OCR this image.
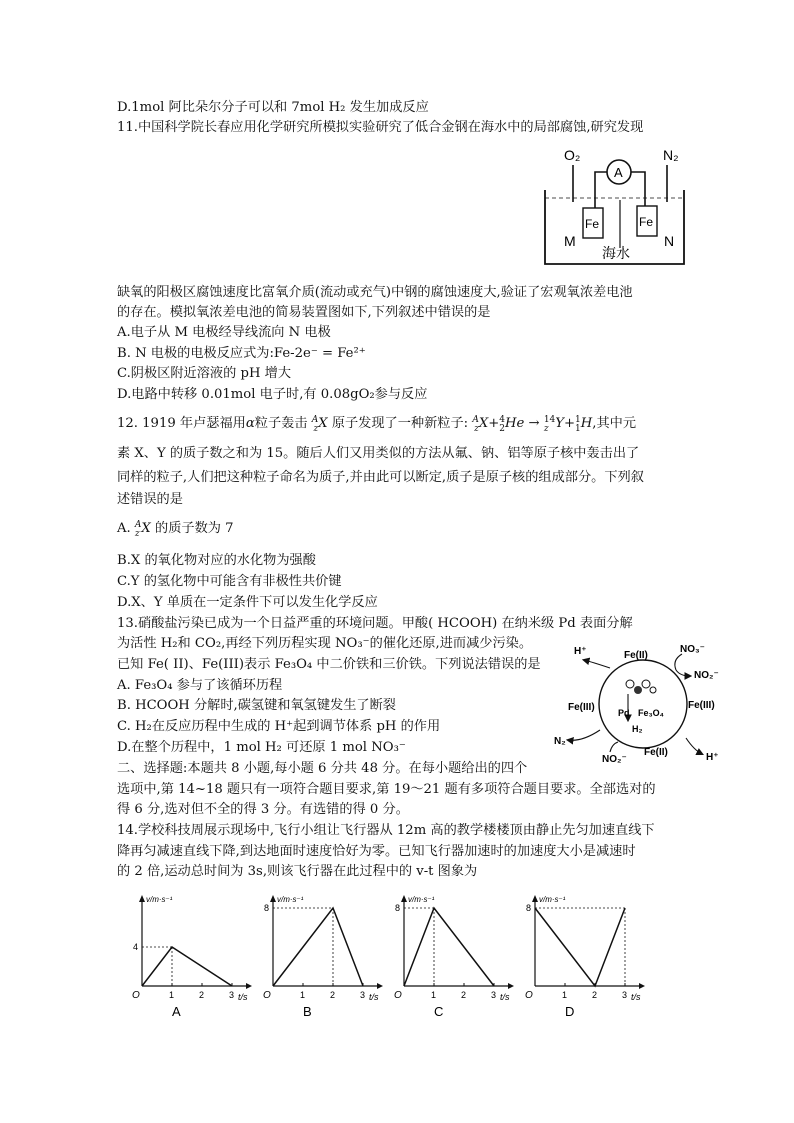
D.1mol 阿比朵尔分子可以和 7mol H₂ 发生加成反应
11.中国科学院长春应用化学研究所模拟实验研究了低合金钢在海水中的局部腐蚀,研究发现
O₂	N₂
A
Fe	Fe
M	N
海水
缺氧的阳极区腐蚀速度比富氧介质(流动或充气)中钢的腐蚀速度大,验证了宏观氧浓差电池
的存在。模拟氧浓差电池的简易装置图如下,下列叙述中错误的是
A.电子从 M 电极经导线流向 N 电极
B. N 电极的电极反应式为:Fe-2e⁻ = Fe²⁺
C.阴极区附近溶液的 pH 增大
D.电路中转移 0.01mol 电子时,有 0.08gO₂参与反应
12. 1919 年卢瑟福用α粒子轰击 A
zX 原子发现了一种新粒子: A
zX+4
2He → 14
z Y+1
1H,其中元
素 X、Y 的质子数之和为 15。随后人们又用类似的方法从氟、钠、铝等原子核中轰击出了
同样的粒子,人们把这种粒子命名为质子,并由此可以断定,质子是原子核的组成部分。下列叙
述错误的是
A. A
z X 的质子数为 7
B.X 的氧化物对应的水化物为强酸
C.Y 的氢化物中可能含有非极性共价键
D.X、Y 单质在一定条件下可以发生化学反应
13.硝酸盐污染已成为一个日益严重的环境问题。甲酸( HCOOH) 在纳米级 Pd 表面分解
为活性 H₂和 CO₂,再经下列历程实现 NO₃⁻的催化还原,进而减少污染。
已知 Fe( II)、Fe(III)表示 Fe₃O₄ 中二价铁和三价铁。下列说法错误的是
A. Fe₃O₄ 参与了该循环历程
B. HCOOH 分解时,碳氢键和氧氢键发生了断裂
C. H₂在反应历程中生成的 H⁺起到调节体系 pH 的作用
D.在整个历程中，1 mol H₂ 可还原 1 mol NO₃⁻
H⁺	Fe(II)
NO₃⁻
NO₂⁻
Fe(III)	Fe(III)
Pd Fe₃O₄
H₂
N₂
NO₂⁻
Fe(II)	H⁺
二、选择题:本题共 8 小题,每小题 6 分共 48 分。在每小题给出的四个
选项中,第 14~18 题只有一项符合题目要求,第 19～21 题有多项符合题目要求。全部选对的
得 6 分,选对但不全的得 3 分。有选错的得 0 分。
14.学校科技周展示现场中,飞行小组让飞行器从 12m 高的教学楼楼顶由静止先匀加速直线下
降再匀减速直线下降,到达地面时速度恰好为零。已知飞行器加速时的加速度大小是减速时
的 2 倍,运动总时间为 3s,则该飞行器在此过程中的 v-t 图象为
v/m·s⁻¹
t/s
O	1	2	3
4
A
v/m·s⁻¹
t/s
O	1	2	3
8
B
v/m·s⁻¹
t/s
O	1	2	3
8
C
v/m·s⁻¹
t/s
O	1	2	3
8
D
